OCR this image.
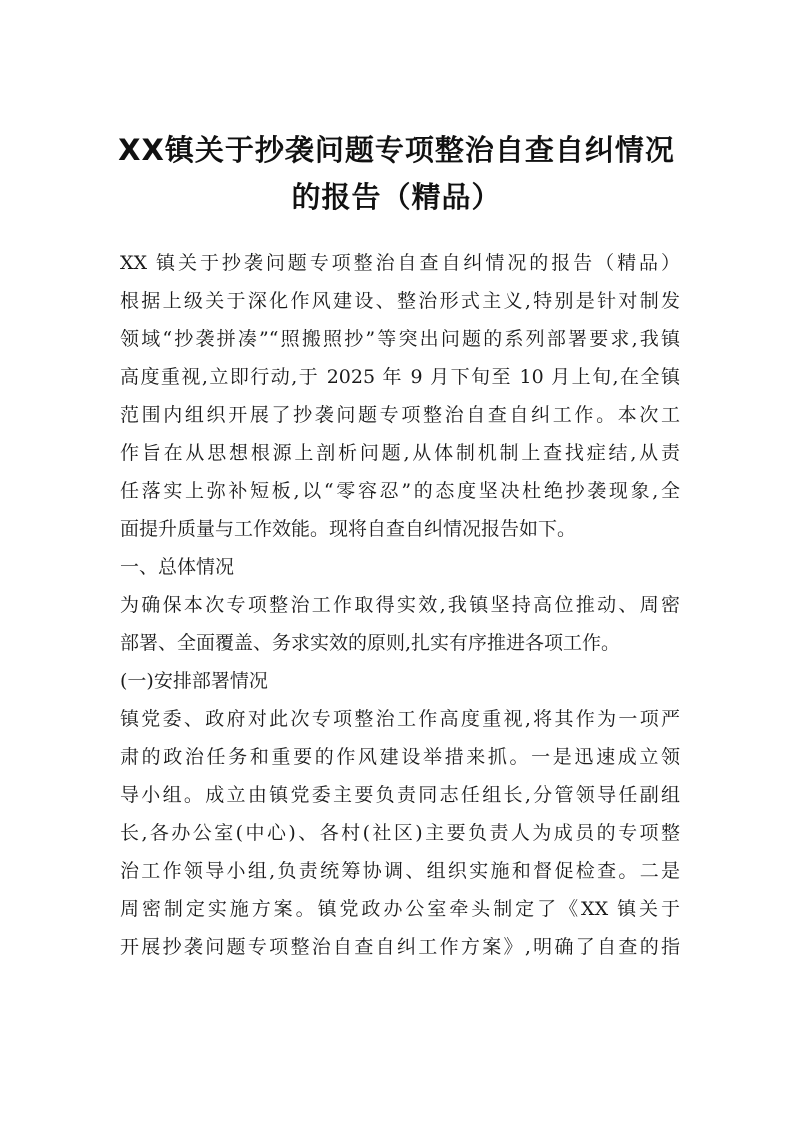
XX镇关于抄袭问题专项整治自查自纠情况
的报告（精品）
XX 镇关于抄袭问题专项整治自查自纠情况的报告（精品）
根据上级关于深化作风建设、整治形式主义,特别是针对制发
领域“抄袭拼凑”“照搬照抄”等突出问题的系列部署要求,我镇
高度重视,立即行动,于 2025 年 9 月下旬至 10 月上旬,在全镇
范围内组织开展了抄袭问题专项整治自查自纠工作。本次工
作旨在从思想根源上剖析问题,从体制机制上查找症结,从责
任落实上弥补短板,以“零容忍”的态度坚决杜绝抄袭现象,全
面提升质量与工作效能。现将自查自纠情况报告如下。
一、总体情况
为确保本次专项整治工作取得实效,我镇坚持高位推动、周密
部署、全面覆盖、务求实效的原则,扎实有序推进各项工作。
(一)安排部署情况
镇党委、政府对此次专项整治工作高度重视,将其作为一项严
肃的政治任务和重要的作风建设举措来抓。一是迅速成立领
导小组。成立由镇党委主要负责同志任组长,分管领导任副组
长,各办公室(中心)、各村(社区)主要负责人为成员的专项整
治工作领导小组,负责统筹协调、组织实施和督促检查。二是
周密制定实施方案。镇党政办公室牵头制定了《XX 镇关于
开展抄袭问题专项整治自查自纠工作方案》,明确了自查的指
